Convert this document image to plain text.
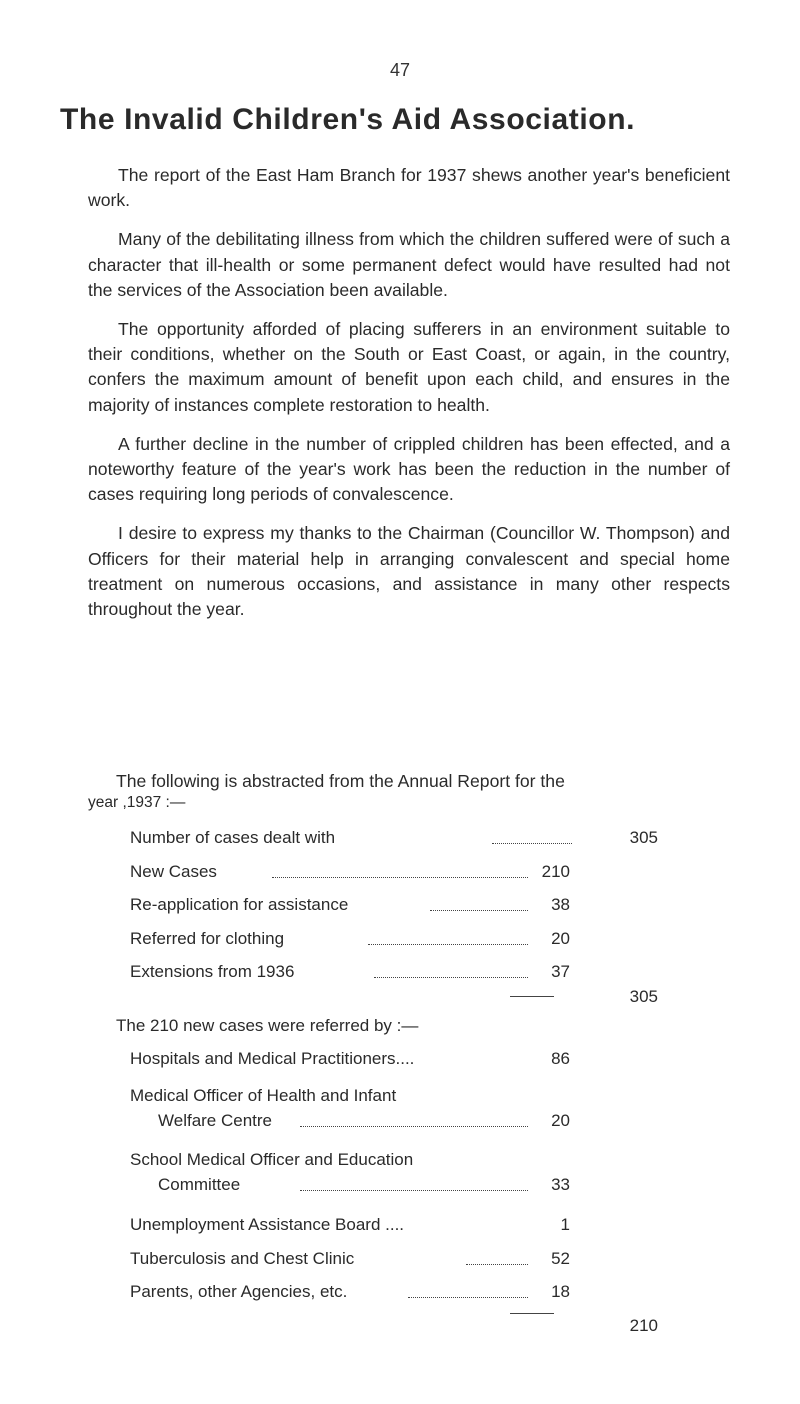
47
The Invalid Children's Aid Association.

The report of the East Ham Branch for 1937 shews another year's beneficient work.

Many of the debilitating illness from which the children suffered were of such a character that ill-health or some permanent defect would have resulted had not the services of the Association been available.

The opportunity afforded of placing sufferers in an environment suitable to their conditions, whether on the South or East Coast, or again, in the country, confers the maximum amount of benefit upon each child, and ensures in the majority of instances complete restoration to health.

A further decline in the number of crippled children has been effected, and a noteworthy feature of the year's work has been the reduction in the number of cases requiring long periods of convalescence.

I desire to express my thanks to the Chairman (Councillor W. Thompson) and Officers for their material help in arranging convalescent and special home treatment on numerous occasions, and assistance in many other respects throughout the year.

The following is abstracted from the Annual Report for the
year ,1937 :—
Number of cases dealt with	305
New Cases	210
Re-application for assistance	38
Referred for clothing	20
Extensions from 1936	37
305
The 210 new cases were referred by :—
Hospitals and Medical Practitioners....	86
Medical Officer of Health and Infant
Welfare Centre	20
School Medical Officer and Education
Committee	33
Unemployment Assistance Board ....	1
Tuberculosis and Chest Clinic	52
Parents, other Agencies, etc.	18
210
